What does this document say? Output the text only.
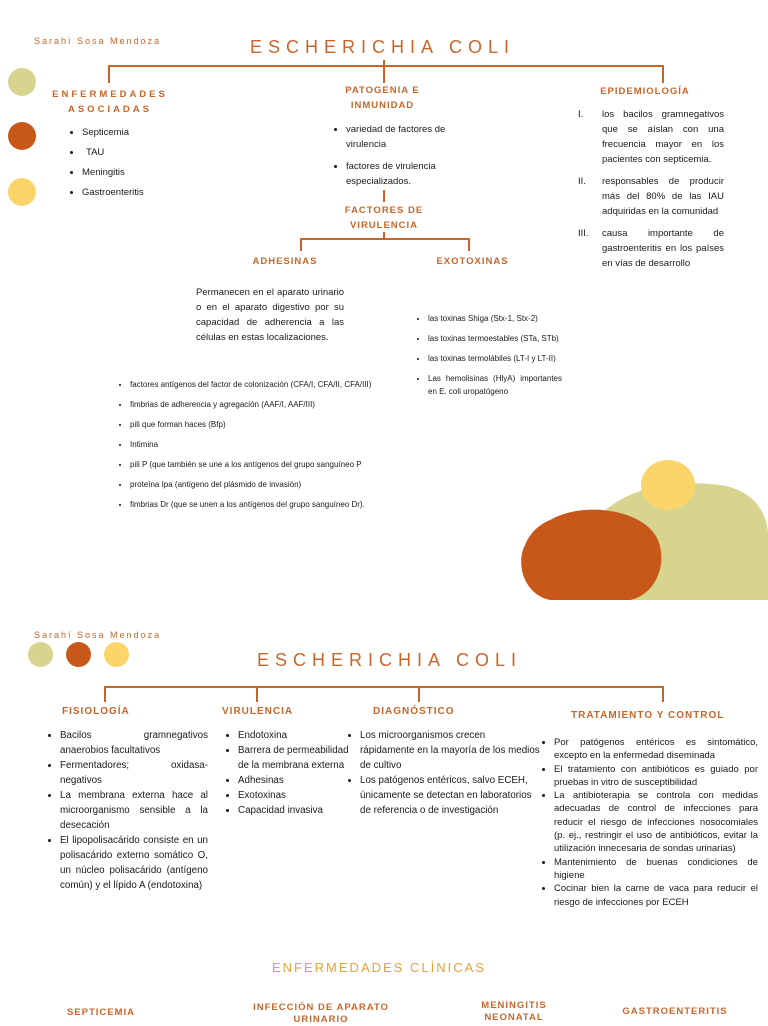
Sarahí Sosa Mendoza	ESCHERICHIA COLI
ENFERMEDADES ASOCIADAS
• Septicemia
• TAU
• Meningitis
• Gastroenteritis
PATOGENIA E INMUNIDAD
• variedad de factores de virulencia
• factores de virulencia especializados.
FACTORES DE VIRULENCIA
ADHESINAS
Permanecen en el aparato urinario o en el aparato digestivo por su capacidad de adherencia a las células en estas localizaciones.
• factores antígenos del factor de colonización (CFA/I, CFA/II, CFA/III)
• fimbrias de adherencia y agregación (AAF/I, AAF/III)
• pili que forman haces (Bfp)
• Intimina
• pili P (que también se une a los antígenos del grupo sanguíneo P
• proteína Ipa (antígeno del plásmido de invasión)
• fimbrias Dr (que se unen a los antígenos del grupo sanguíneo Dr).
EXOTOXINAS
• las toxinas Shiga (Stx-1, Stx-2)
• las toxinas termoestables (STa, STb)
• las toxinas termolábiles (LT-I y LT-II)
• Las hemolisinas (HlyA) importantes en E. coli uropatógeno
EPIDEMIOLOGÍA
I.	los bacilos gramnegativos que se aíslan con una frecuencia mayor en los pacientes con septicemia.
II.	responsables de producir más del 80% de las IAU adquiridas en la comunidad
III.	causa importante de gastroenteritis en los países en vías de desarrollo
Sarahí Sosa Mendoza
ESCHERICHIA COLI
FISIOLOGÍA
• Bacilos gramnegativos anaerobios facultativos
• Fermentadores; oxidasa-negativos
• La membrana externa hace al microorganismo sensible a la desecación
• El lipopolisacárido consiste en un polisacárido externo somático O, un núcleo polisacárido (antígeno común) y el lípido A (endotoxina)
VIRULENCIA
• Endotoxina
• Barrera de permeabilidad de la membrana externa
• Adhesinas
• Exotoxinas
• Capacidad invasiva
DIAGNÓSTICO
• Los microorganismos crecen rápidamente en la mayoría de los medios de cultivo
• Los patógenos entéricos, salvo ECEH, únicamente se detectan en laboratorios de referencia o de investigación
TRATAMIENTO Y CONTROL
• Por patógenos entéricos es sintomático, excepto en la enfermedad diseminada
• El tratamiento con antibióticos es guiado por pruebas in vitro de susceptibilidad
• La antibioterapia se controla con medidas adecuadas de control de infecciones para reducir el riesgo de infecciones nosocomiales (p. ej., restringir el uso de antibióticos, evitar la utilización innecesaria de sondas urinarias)
• Mantenimiento de buenas condiciones de higiene
• Cocinar bien la carne de vaca para reducir el riesgo de infecciones por ECEH
ENFERMEDADES CLÍNICAS
SEPTICEMIA	INFECCIÓN DE APARATO URINARIO
MENINGITIS NEONATAL
GASTROENTERITIS
